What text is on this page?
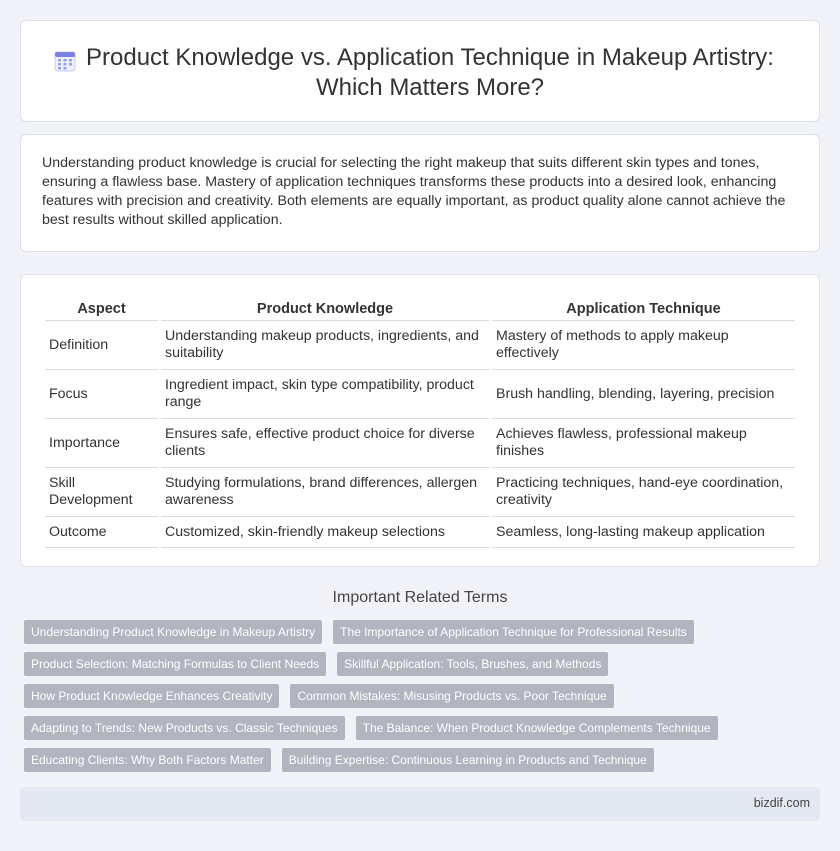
Product Knowledge vs. Application Technique in Makeup Artistry: Which Matters More?

Understanding product knowledge is crucial for selecting the right makeup that suits different skin types and tones, ensuring a flawless base. Mastery of application techniques transforms these products into a desired look, enhancing features with precision and creativity. Both elements are equally important, as product quality alone cannot achieve the best results without skilled application.

Aspect	Product Knowledge	Application Technique
Definition	Understanding makeup products, ingredients, and suitability	Mastery of methods to apply makeup effectively
Focus	Ingredient impact, skin type compatibility, product range	Brush handling, blending, layering, precision
Importance	Ensures safe, effective product choice for diverse clients	Achieves flawless, professional makeup finishes
Skill Development	Studying formulations, brand differences, allergen awareness	Practicing techniques, hand-eye coordination, creativity
Outcome	Customized, skin-friendly makeup selections	Seamless, long-lasting makeup application
Important Related Terms
Understanding Product Knowledge in Makeup Artistry The Importance of Application Technique for Professional Results
Product Selection: Matching Formulas to Client Needs Skillful Application: Tools, Brushes, and Methods
How Product Knowledge Enhances Creativity Common Mistakes: Misusing Products vs. Poor Technique
Adapting to Trends: New Products vs. Classic Techniques The Balance: When Product Knowledge Complements Technique
Educating Clients: Why Both Factors Matter Building Expertise: Continuous Learning in Products and Technique
bizdif.com
